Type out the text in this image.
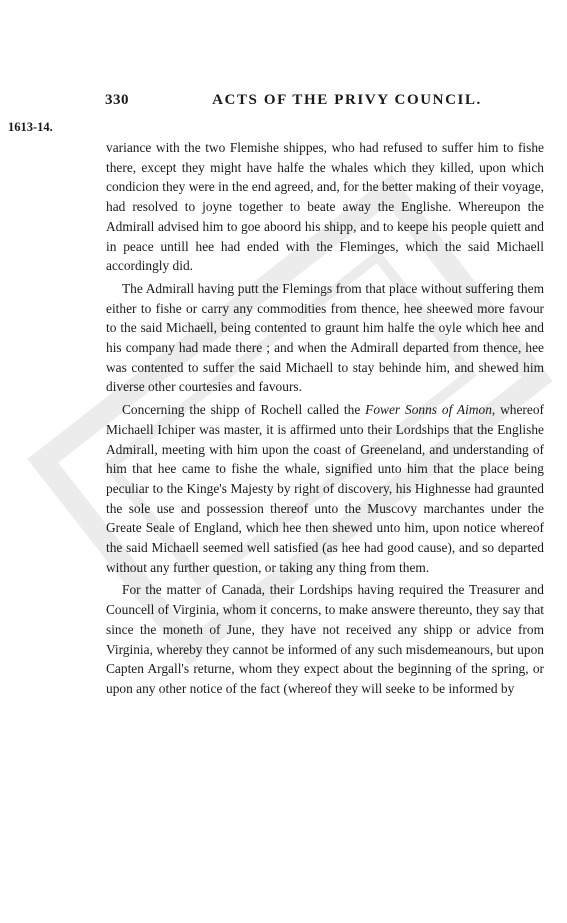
330	ACTS OF THE PRIVY COUNCIL.
1613-14.

variance with the two Flemishe shippes, who had refused to suffer him to fishe there, except they might have halfe the whales which they killed, upon which condicion they were in the end agreed, and, for the better making of their voyage, had resolved to joyne together to beate away the Englishe. Whereupon the Admirall advised him to goe aboord his shipp, and to keepe his people quiett and in peace untill hee had ended with the Fleminges, which the said Michaell accordingly did.

The Admirall having putt the Flemings from that place without suffering them either to fishe or carry any commodities from thence, hee sheewed more favour to the said Michaell, being contented to graunt him halfe the oyle which hee and his company had made there ; and when the Admirall departed from thence, hee was contented to suffer the said Michaell to stay behinde him, and shewed him diverse other courtesies and favours.

Concerning the shipp of Rochell called the Fower Sonns of Aimon, whereof Michaell Ichiper was master, it is affirmed unto their Lordships that the Englishe Admirall, meeting with him upon the coast of Greeneland, and understanding of him that hee came to fishe the whale, signified unto him that the place being peculiar to the Kinge's Majesty by right of discovery, his Highnesse had graunted the sole use and possession thereof unto the Muscovy marchantes under the Greate Seale of England, which hee then shewed unto him, upon notice whereof the said Michaell seemed well satisfied (as hee had good cause), and so departed without any further question, or taking any thing from them.

For the matter of Canada, their Lordships having required the Treasurer and Councell of Virginia, whom it concerns, to make answere thereunto, they say that since the moneth of June, they have not received any shipp or advice from Virginia, whereby they cannot be informed of any such misdemeanours, but upon Capten Argall's returne, whom they expect about the beginning of the spring, or upon any other notice of the fact (whereof they will seeke to be informed by
